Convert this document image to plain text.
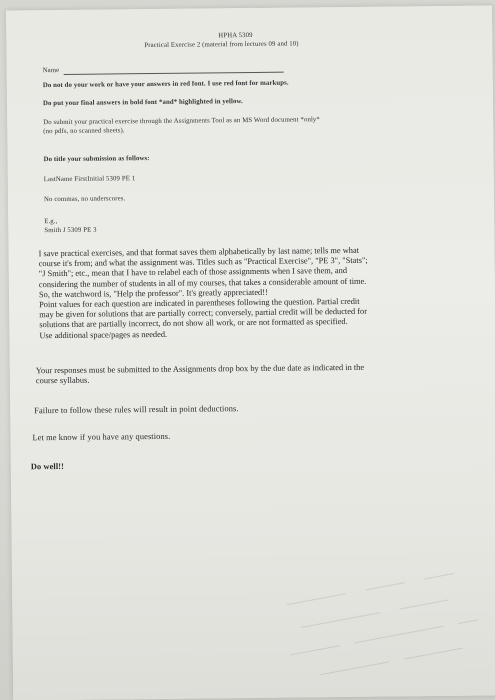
HPHA 5309
Practical Exercise 2 (material from lectures 09 and 10)
Name
Do not do your work or have your answers in red font. I use red font for markups.
Do put your final answers in bold font *and* highlighted in yellow.
Do submit your practical exercise through the Assignments Tool as an MS Word document *only*
(no pdfs, no scanned sheets).
Do title your submission as follows:
LastName FirstInitial 5309 PE 1
No commas, no underscores.
E.g.,
Smith J 5309 PE 3
I save practical exercises, and that format saves them alphabetically by last name; tells me what
course it's from; and what the assignment was. Titles such as "Practical Exercise", "PE 3", "Stats";
"J Smith"; etc., mean that I have to relabel each of those assignments when I save them, and
considering the number of students in all of my courses, that takes a considerable amount of time.
So, the watchword is, "Help the professor". It's greatly appreciated!!
Point values for each question are indicated in parentheses following the question. Partial credit
may be given for solutions that are partially correct; conversely, partial credit will be deducted for
solutions that are partially incorrect, do not show all work, or are not formatted as specified.
Use additional space/pages as needed.
Your responses must be submitted to the Assignments drop box by the due date as indicated in the
course syllabus.
Failure to follow these rules will result in point deductions.
Let me know if you have any questions.
Do well!!
